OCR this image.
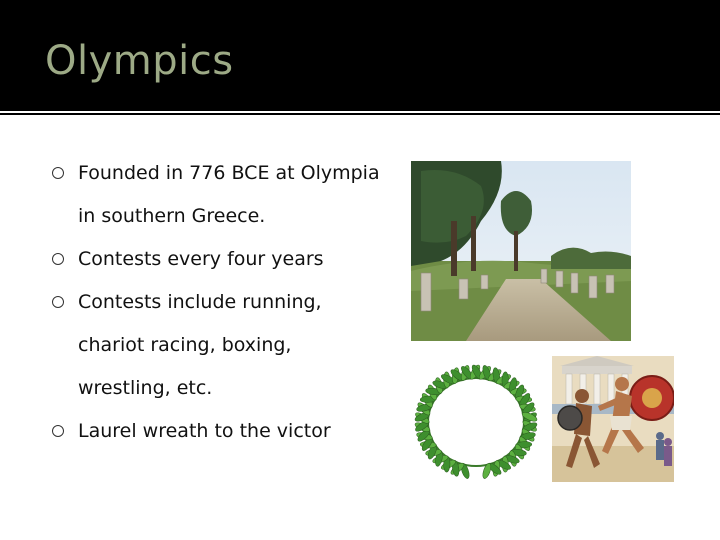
Olympics
Founded in 776 BCE at Olympia in southern Greece.
Contests every four years
Contests include running, chariot racing, boxing, wrestling, etc.
Laurel wreath to the victor
